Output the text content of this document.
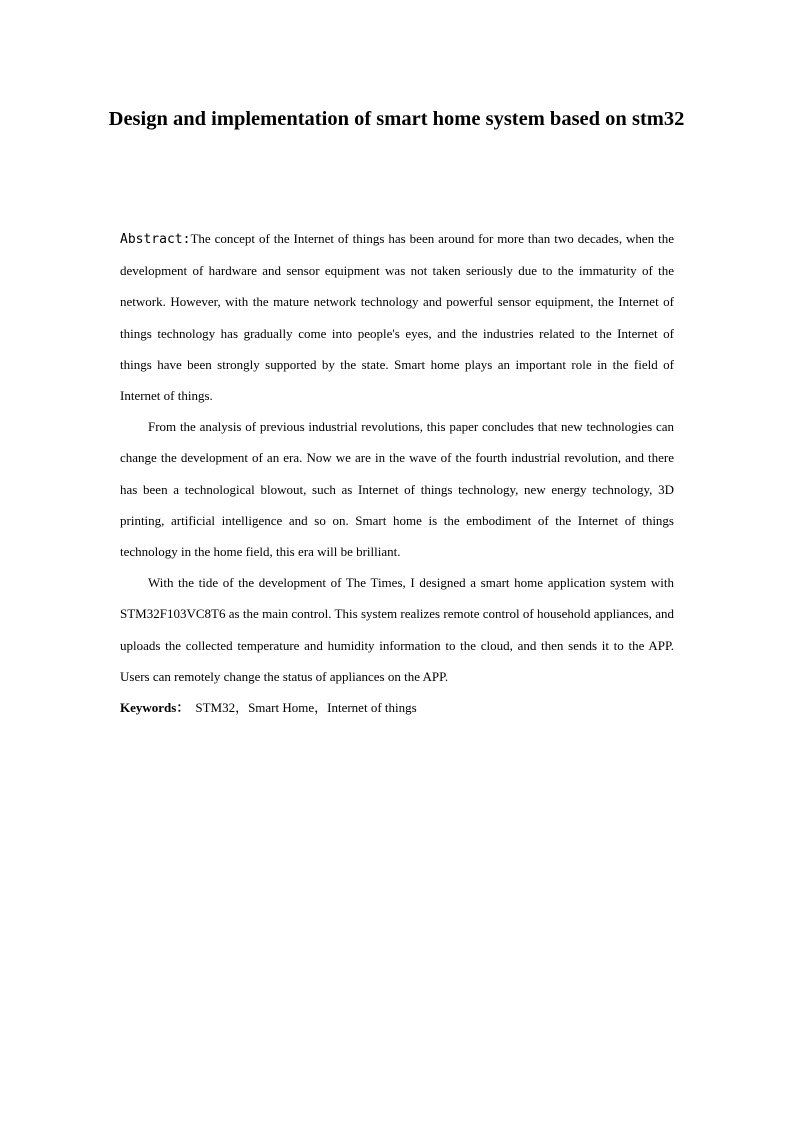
Design and implementation of smart home system based on stm32

Abstract:The concept of the Internet of things has been around for more than two decades, when the development of hardware and sensor equipment was not taken seriously due to the immaturity of the network. However, with the mature network technology and powerful sensor equipment, the Internet of things technology has gradually come into people's eyes, and the industries related to the Internet of things have been strongly supported by the state. Smart home plays an important role in the field of Internet of things.

From the analysis of previous industrial revolutions, this paper concludes that new technologies can change the development of an era. Now we are in the wave of the fourth industrial revolution, and there has been a technological blowout, such as Internet of things technology, new energy technology, 3D printing, artificial intelligence and so on. Smart home is the embodiment of the Internet of things technology in the home field, this era will be brilliant.

With the tide of the development of The Times, I designed a smart home application system with STM32F103VC8T6 as the main control. This system realizes remote control of household appliances, and uploads the collected temperature and humidity information to the cloud, and then sends it to the APP. Users can remotely change the status of appliances on the APP.

Keywords： STM32，Smart Home，Internet of things
